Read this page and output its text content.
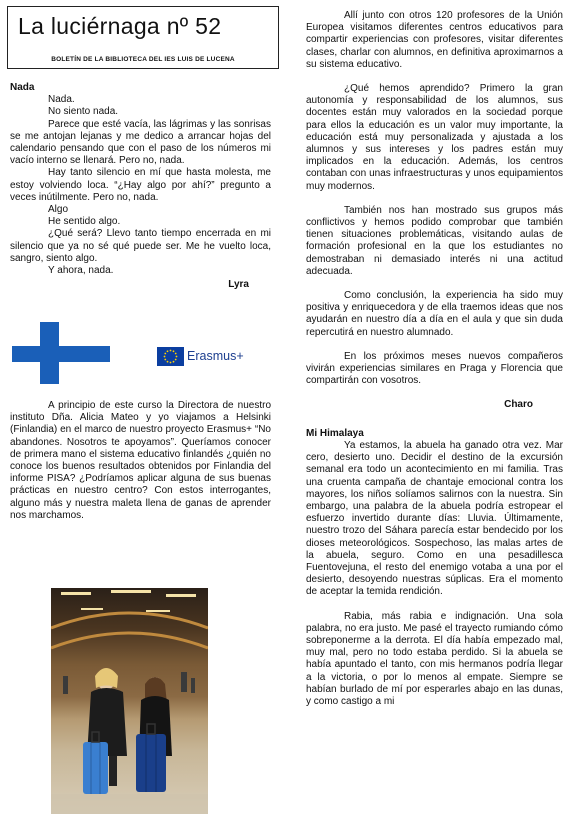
La luciérnaga nº 52
BOLETÍN DE LA BIBLIOTECA DEL IES LUIS DE LUCENA

Nada

Nada.

No siento nada.

Parece que esté vacía, las lágrimas y las sonrisas se me antojan lejanas y me dedico a arrancar hojas del calendario pensando que con el paso de los números mi vacío interno se llenará. Pero no, nada.

Hay tanto silencio en mí que hasta molesta, me estoy volviendo loca. “¿Hay algo por ahí?” pregunto a veces inútilmente. Pero no, nada.

Algo

He sentido algo.

¿Qué será? Llevo tanto tiempo encerrada en mi silencio que ya no sé qué puede ser. Me he vuelto loca, sangro, siento algo.

Y ahora, nada.

Lyra

Erasmus+

A principio de este curso la Directora de nuestro instituto Dña. Alicia Mateo y yo viajamos a Helsinki (Finlandia) en el marco de nuestro proyecto Erasmus+ “No abandones. Nosotros te apoyamos”. Queríamos conocer de primera mano el sistema educativo finlandés ¿quién no conoce los buenos resultados obtenidos por Finlandia del informe PISA? ¿Podríamos aplicar alguna de sus buenas prácticas en nuestro centro? Con estos interrogantes, alguno más y nuestra maleta llena de ganas de aprender nos marchamos.

Allí junto con otros 120 profesores de la Unión Europea visitamos diferentes centros educativos para compartir experiencias con profesores, visitar diferentes clases, charlar con alumnos, en definitiva aproximarnos a su sistema educativo.

¿Qué hemos aprendido? Primero la gran autonomía y responsabilidad de los alumnos, sus docentes están muy valorados en la sociedad porque para ellos la educación es un valor muy importante, la educación está muy personalizada y ajustada a los alumnos y sus intereses y los padres están muy implicados en la educación. Además, los centros contaban con unas infraestructuras y unos equipamientos muy modernos.

También nos han mostrado sus grupos más conflictivos y hemos podido comprobar que también tienen situaciones problemáticas, visitando aulas de formación profesional en la que los estudiantes no demostraban ni demasiado interés ni una actitud adecuada.

Como conclusión, la experiencia ha sido muy positiva y enriquecedora y de ella traemos ideas que nos ayudarán en nuestro día a día en el aula y que sin duda repercutirá en nuestro alumnado.

En los próximos meses nuevos compañeros vivirán experiencias similares en Praga y Florencia que compartirán con vosotros.

Charo

Mi Himalaya

Ya estamos, la abuela ha ganado otra vez. Mar cero, desierto uno. Decidir el destino de la excursión semanal era todo un acontecimiento en mi familia. Tras una cruenta campaña de chantaje emocional contra los mayores, los niños solíamos salirnos con la nuestra. Sin embargo, una palabra de la abuela podría estropear el esfuerzo invertido durante días: Lluvia. Últimamente, nuestro trozo del Sáhara parecía estar bendecido por los dioses meteorológicos. Sospechoso, las malas artes de la abuela, seguro. Como en una pesadillesca Fuentovejuna, el resto del enemigo votaba a una por el desierto, desoyendo nuestras súplicas. Era el momento de aceptar la temida rendición.

Rabia, más rabia e indignación. Una sola palabra, no era justo. Me pasé el trayecto rumiando cómo sobreponerme a la derrota. El día había empezado mal, muy mal, pero no todo estaba perdido. Si la abuela se había apuntado el tanto, con mis hermanos podría llegar a la victoria, o por lo menos al empate. Siempre se habían burlado de mí por esperarles abajo en las dunas, y como castigo a mi
